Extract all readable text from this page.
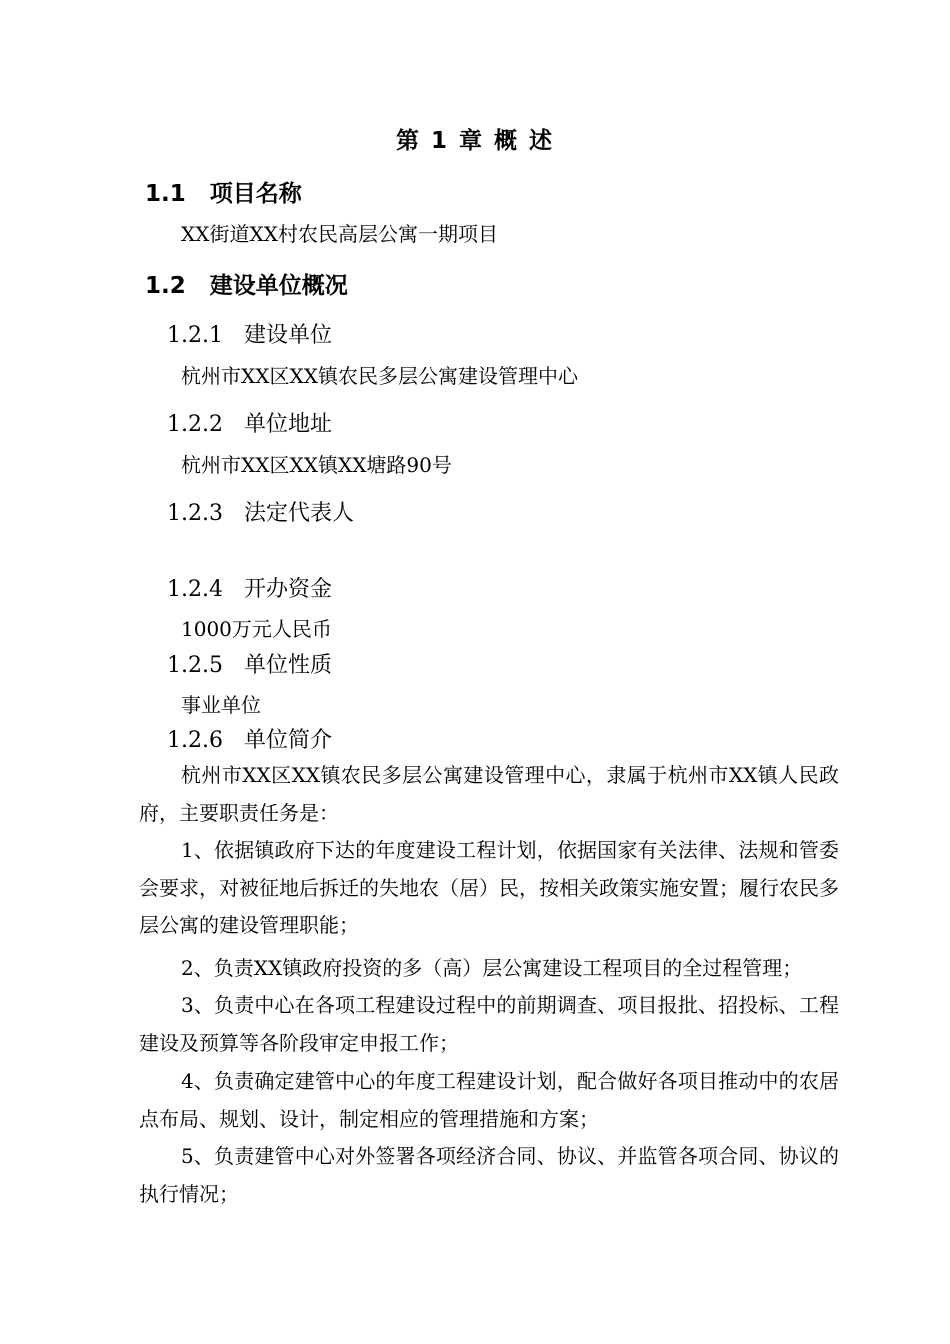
第 1 章 概 述
1.1   项目名称
XX街道XX村农民高层公寓一期项目
1.2   建设单位概况
1.2.1   建设单位
杭州市XX区XX镇农民多层公寓建设管理中心
1.2.2   单位地址
杭州市XX区XX镇XX塘路90号
1.2.3   法定代表人
1.2.4   开办资金
1000万元人民币
1.2.5   单位性质
事业单位
1.2.6   单位简介
杭州市XX区XX镇农民多层公寓建设管理中心，隶属于杭州市XX镇人民政府，主要职责任务是：
1、依据镇政府下达的年度建设工程计划，依据国家有关法律、法规和管委会要求，对被征地后拆迁的失地农（居）民，按相关政策实施安置；履行农民多层公寓的建设管理职能；
2、负责XX镇政府投资的多（高）层公寓建设工程项目的全过程管理；
3、负责中心在各项工程建设过程中的前期调查、项目报批、招投标、工程建设及预算等各阶段审定申报工作；
4、负责确定建管中心的年度工程建设计划，配合做好各项目推动中的农居点布局、规划、设计，制定相应的管理措施和方案；
5、负责建管中心对外签署各项经济合同、协议、并监管各项合同、协议的执行情况；
